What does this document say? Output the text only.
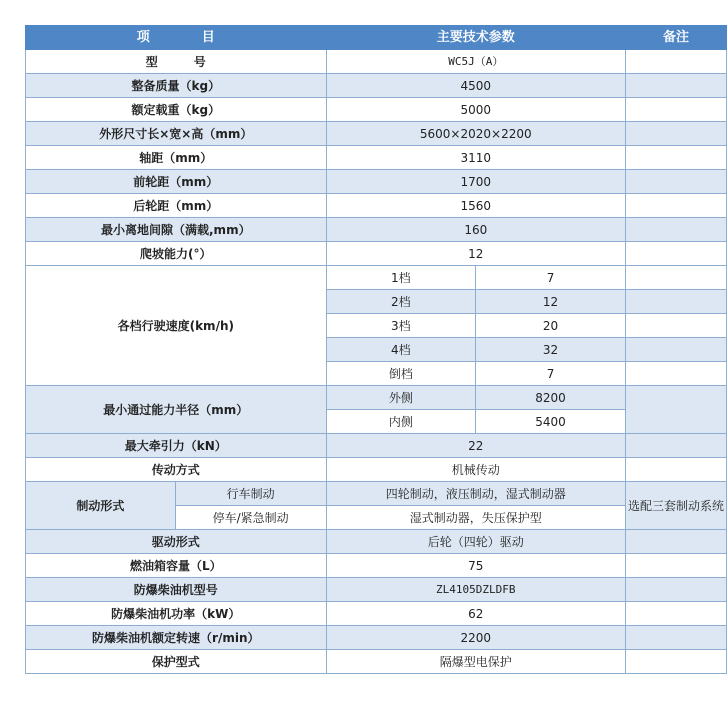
项　　　　目		主要技术参数		备注
型　　　号		WC5J（A）		
整备质量（kg）		4500		
额定载重（kg）		5000		
外形尺寸长×宽×高（mm）		5600×2020×2200		
轴距（mm）		3110		
前轮距（mm）		1700		
后轮距（mm）		1560		
最小离地间隙（满载,mm）		160		
爬坡能力(°）		12		
各档行驶速度(km/h)		1档	7	
		2档	12	
		3档	20	
		4档	32	
		倒档	7	
最小通过能力半径（mm）		外侧	8200	
		内侧	5400	
最大牵引力（kN）		22		
传动方式		机械传动		
制动形式	行车制动	四轮制动，液压制动，湿式制动器		选配三套制动系统
	停车/紧急制动	湿式制动器，失压保护型		
驱动形式		后轮（四轮）驱动		
燃油箱容量（L）		75		
防爆柴油机型号		ZL4105DZLDFB		
防爆柴油机功率（kW）		62		
防爆柴油机额定转速（r/min）		2200		
保护型式		隔爆型电保护		
